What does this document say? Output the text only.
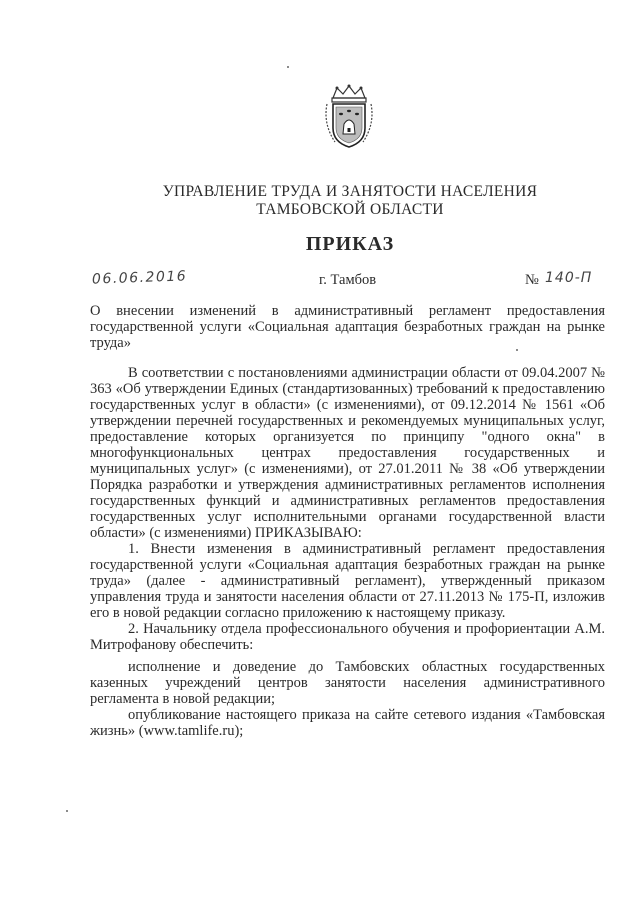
УПРАВЛЕНИЕ ТРУДА И ЗАНЯТОСТИ НАСЕЛЕНИЯ
ТАМБОВСКОЙ ОБЛАСТИ
ПРИКАЗ
06.06.2016	г. Тамбов	№ 140-П
О внесении изменений в административный регламент предоставления государственной услуги «Социальная адаптация безработных граждан на рынке труда»

В соответствии с постановлениями администрации области от 09.04.2007 № 363 «Об утверждении Единых (стандартизованных) требований к предоставлению государственных услуг в области» (с изменениями), от 09.12.2014 № 1561 «Об утверждении перечней государственных и рекомендуемых муниципальных услуг, предоставление которых организуется по принципу "одного окна" в многофункциональных центрах предоставления государственных и муниципальных услуг» (с изменениями), от 27.01.2011 № 38 «Об утверждении Порядка разработки и утверждения административных регламентов исполнения государственных функций и административных регламентов предоставления государственных услуг исполнительными органами государственной власти области» (с изменениями) ПРИКАЗЫВАЮ:

1. Внести изменения в административный регламент предоставления государственной услуги «Социальная адаптация безработных граждан на рынке труда» (далее - административный регламент), утвержденный приказом управления труда и занятости населения области от 27.11.2013 № 175-П, изложив его в новой редакции согласно приложению к настоящему приказу.

2. Начальнику отдела профессионального обучения и профориентации А.М. Митрофанову обеспечить:

исполнение и доведение до Тамбовских областных государственных казенных учреждений центров занятости населения административного регламента в новой редакции;

опубликование настоящего приказа на сайте сетевого издания «Тамбовская жизнь» (www.tamlife.ru);
